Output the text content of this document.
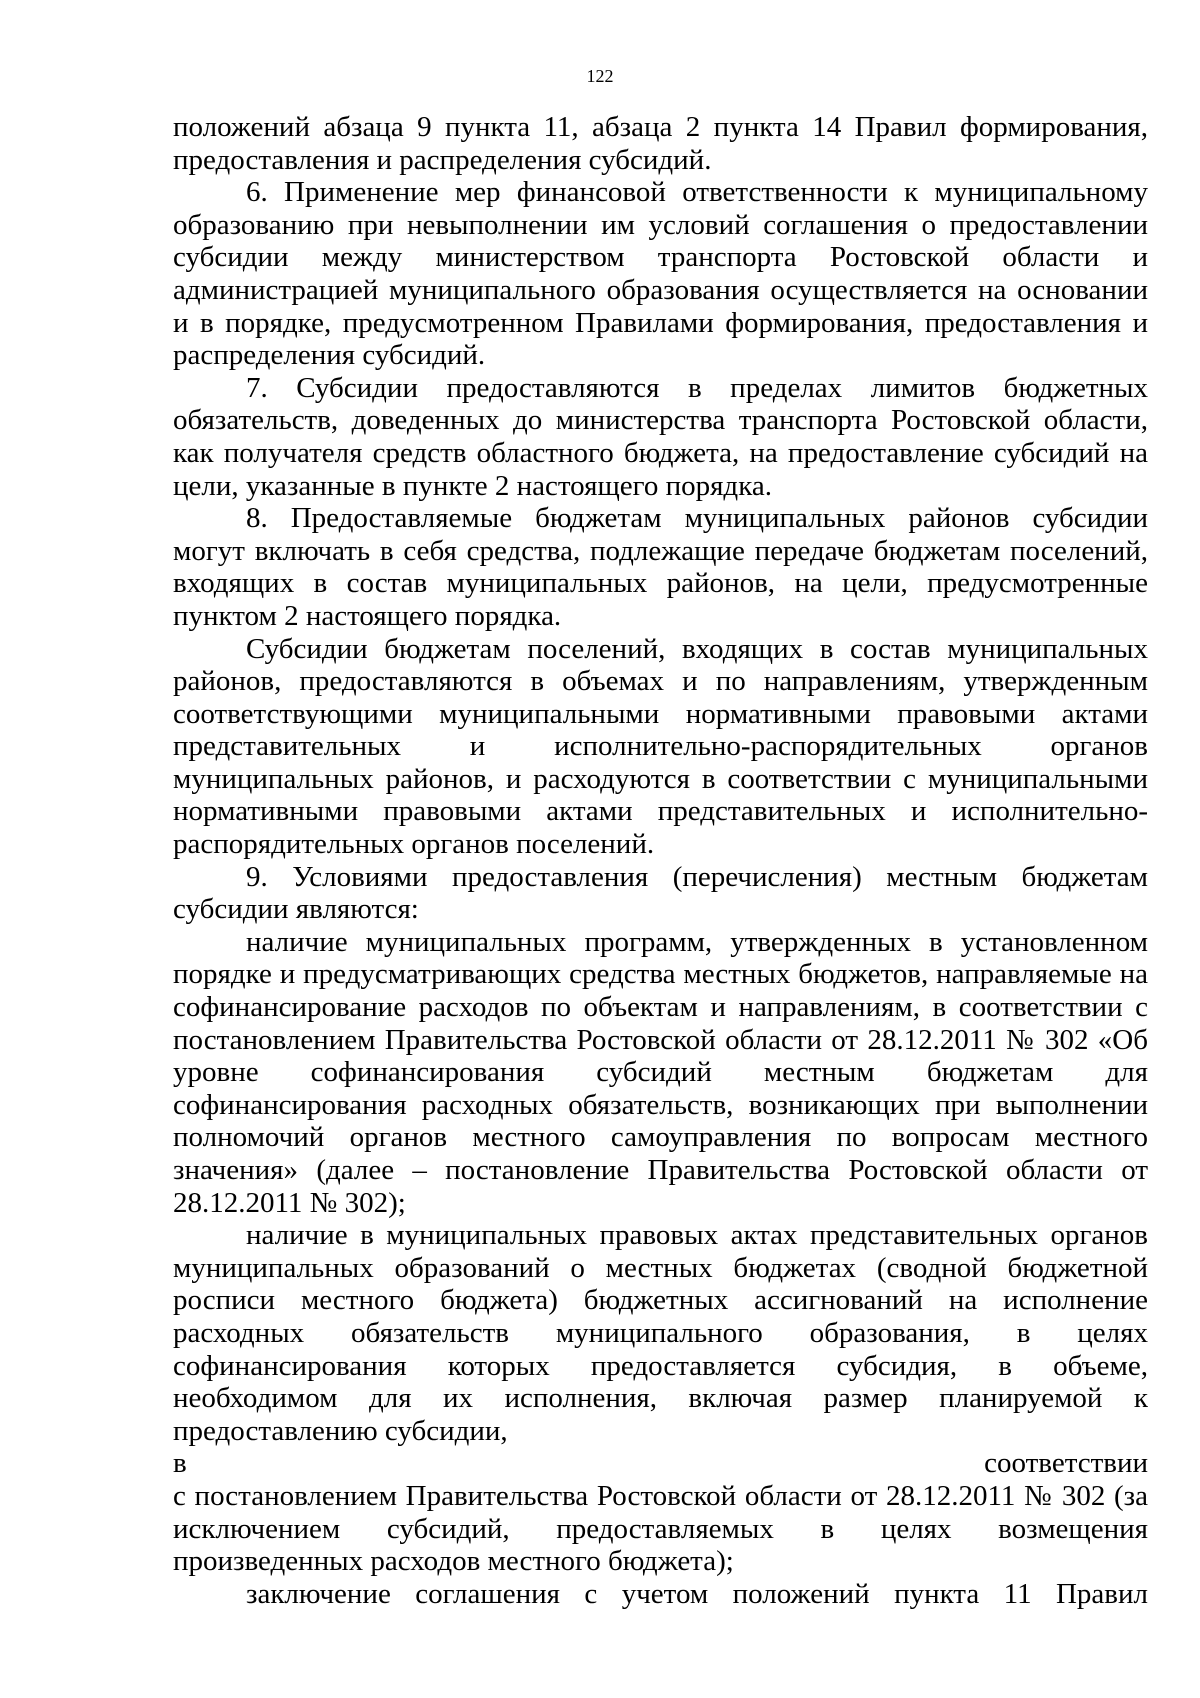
122

положений абзаца 9 пункта 11, абзаца 2 пункта 14 Правил формирования, предоставления и распределения субсидий.

6. Применение мер финансовой ответственности к муниципальному образованию при невыполнении им условий соглашения о предоставлении субсидии между министерством транспорта Ростовской области и администрацией муниципального образования осуществляется на основании и в порядке, предусмотренном Правилами формирования, предоставления и распределения субсидий.

7. Субсидии предоставляются в пределах лимитов бюджетных обязательств, доведенных до министерства транспорта Ростовской области, как получателя средств областного бюджета, на предоставление субсидий на цели, указанные в пункте 2 настоящего порядка.

8. Предоставляемые бюджетам муниципальных районов субсидии могут включать в себя средства, подлежащие передаче бюджетам поселений, входящих в состав муниципальных районов, на цели, предусмотренные пунктом 2 настоящего порядка.

Субсидии бюджетам поселений, входящих в состав муниципальных районов, предоставляются в объемах и по направлениям, утвержденным соответствующими муниципальными нормативными правовыми актами представительных и исполнительно-распорядительных органов муниципальных районов, и расходуются в соответствии с муниципальными нормативными правовыми актами представительных и исполнительно-распорядительных органов поселений.

9. Условиями предоставления (перечисления) местным бюджетам субсидии являются:

наличие муниципальных программ, утвержденных в установленном порядке и предусматривающих средства местных бюджетов, направляемые на софинансирование расходов по объектам и направлениям, в соответствии с постановлением Правительства Ростовской области от 28.12.2011 № 302 «Об уровне софинансирования субсидий местным бюджетам для софинансирования расходных обязательств, возникающих при выполнении полномочий органов местного самоуправления по вопросам местного значения» (далее – постановление Правительства Ростовской области от 28.12.2011 № 302);

наличие в муниципальных правовых актах представительных органов муниципальных образований о местных бюджетах (сводной бюджетной росписи местного бюджета) бюджетных ассигнований на исполнение расходных обязательств муниципального образования, в целях софинансирования которых предоставляется субсидия, в объеме, необходимом для их исполнения, включая размер планируемой к предоставлению субсидии,

в соответствии

с постановлением Правительства Ростовской области от 28.12.2011 № 302 (за исключением субсидий, предоставляемых в целях возмещения произведенных расходов местного бюджета);

заключение соглашения с учетом положений пункта 11 Правил
